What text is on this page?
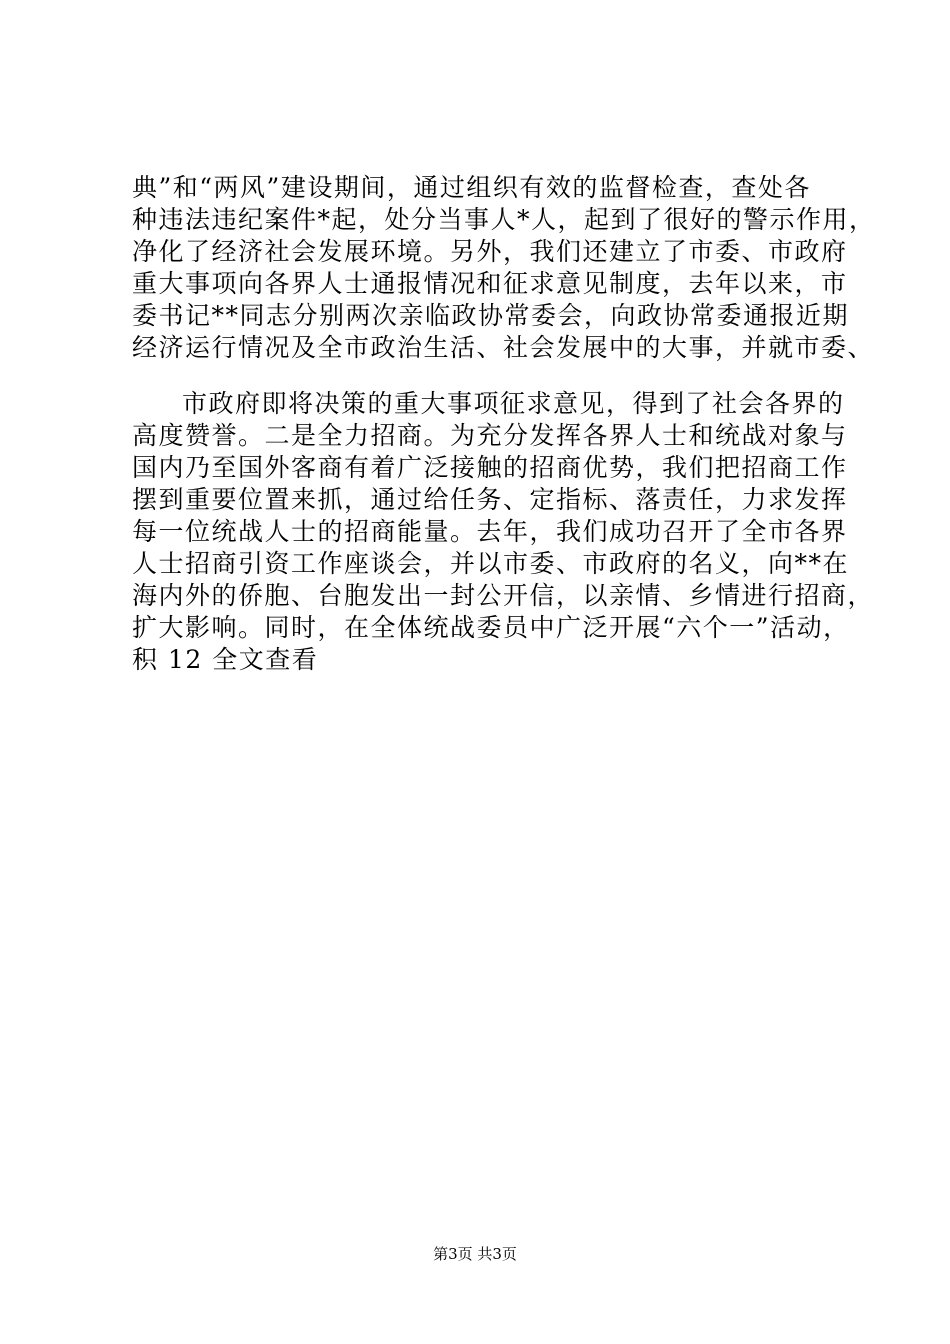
典”和“两风”建设期间，通过组织有效的监督检查，查处各
种违法违纪案件*起，处分当事人*人，起到了很好的警示作用，
净化了经济社会发展环境。另外，我们还建立了市委、市政府
重大事项向各界人士通报情况和征求意见制度，去年以来，市
委书记**同志分别两次亲临政协常委会，向政协常委通报近期
经济运行情况及全市政治生活、社会发展中的大事，并就市委、
市政府即将决策的重大事项征求意见，得到了社会各界的
高度赞誉。二是全力招商。为充分发挥各界人士和统战对象与
国内乃至国外客商有着广泛接触的招商优势，我们把招商工作
摆到重要位置来抓，通过给任务、定指标、落责任，力求发挥
每一位统战人士的招商能量。去年，我们成功召开了全市各界
人士招商引资工作座谈会，并以市委、市政府的名义，向**在
海内外的侨胞、台胞发出一封公开信，以亲情、乡情进行招商，
扩大影响。同时，在全体统战委员中广泛开展“六个一”活动，
积 12 全文查看
第3页 共3页
